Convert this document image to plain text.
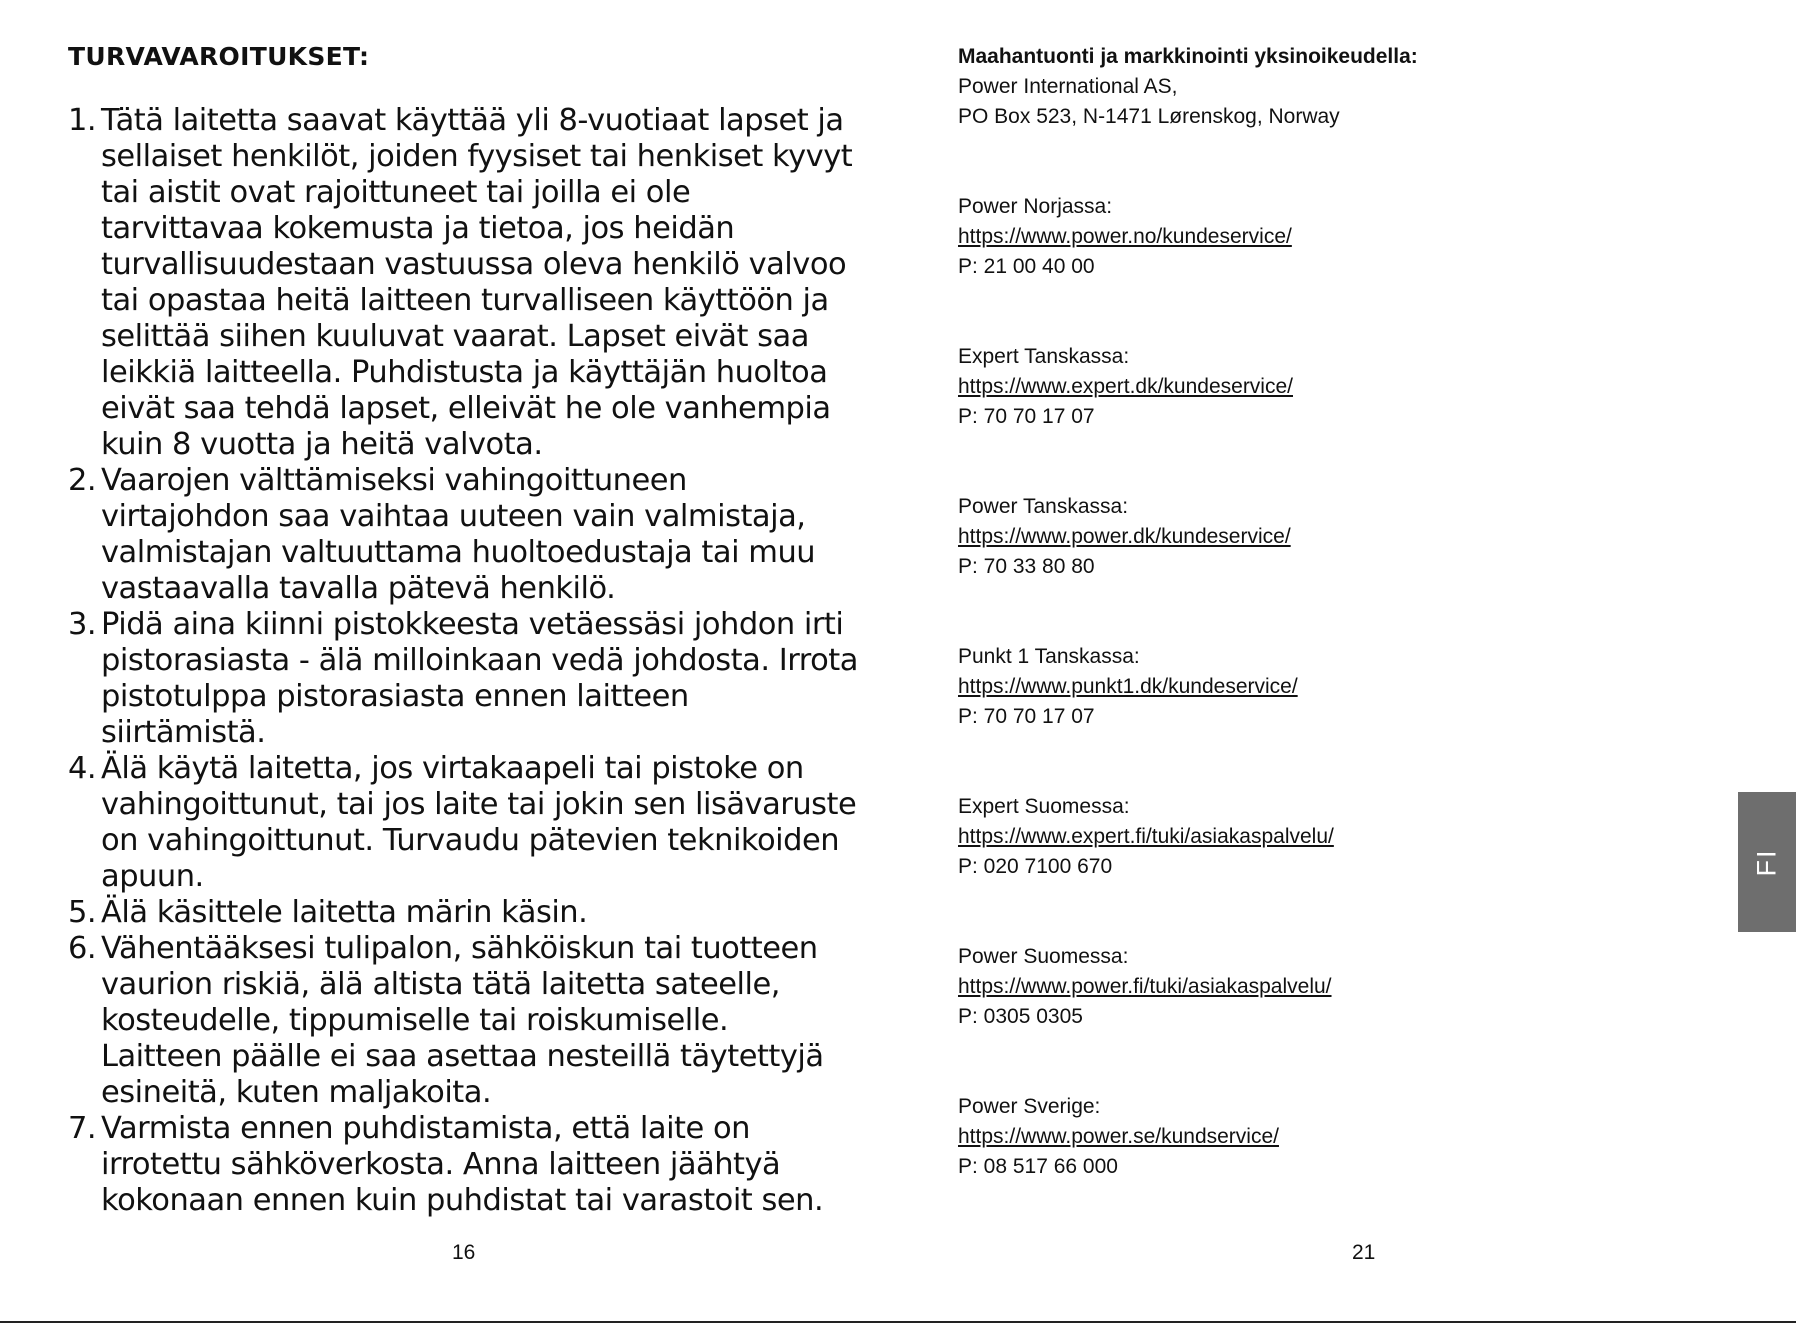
TURVAVAROITUKSET:
1. Tätä laitetta saavat käyttää yli 8-vuotiaat lapset ja sellaiset henkilöt, joiden fyysiset tai henkiset kyvyt tai aistit ovat rajoittuneet tai joilla ei ole tarvittavaa kokemusta ja tietoa, jos heidän turvallisuudestaan vastuussa oleva henkilö valvoo tai opastaa heitä laitteen turvalliseen käyttöön ja selittää siihen kuuluvat vaarat. Lapset eivät saa leikkiä laitteella. Puhdistusta ja käyttäjän huoltoa eivät saa tehdä lapset, elleivät he ole vanhempia kuin 8 vuotta ja heitä valvota.
2. Vaarojen välttämiseksi vahingoittuneen virtajohdon saa vaihtaa uuteen vain valmistaja, valmistajan valtuuttama huoltoedustaja tai muu vastaavalla tavalla pätevä henkilö.
3. Pidä aina kiinni pistokkeesta vetäessäsi johdon irti pistorasiasta - älä milloinkaan vedä johdosta. Irrota pistotulppa pistorasiasta ennen laitteen siirtämistä.
4. Älä käytä laitetta, jos virtakaapeli tai pistoke on vahingoittunut, tai jos laite tai jokin sen lisävaruste on vahingoittunut. Turvaudu pätevien teknikoiden apuun.
5. Älä käsittele laitetta märin käsin.
6. Vähentääksesi tulipalon, sähköiskun tai tuotteen vaurion riskiä, älä altista tätä laitetta sateelle, kosteudelle, tippumiselle tai roiskumiselle. Laitteen päälle ei saa asettaa nesteillä täytettyjä esineitä, kuten maljakoita.
7. Varmista ennen puhdistamista, että laite on irrotettu sähköverkosta. Anna laitteen jäähtyä kokonaan ennen kuin puhdistat tai varastoit sen.
16
Maahantuonti ja markkinointi yksinoikeudella:
Power International AS,
PO Box 523, N-1471 Lørenskog, Norway
Power Norjassa:
https://www.power.no/kundeservice/
P: 21 00 40 00
Expert Tanskassa:
https://www.expert.dk/kundeservice/
P: 70 70 17 07
Power Tanskassa:
https://www.power.dk/kundeservice/
P: 70 33 80 80
Punkt 1 Tanskassa:
https://www.punkt1.dk/kundeservice/
P: 70 70 17 07
Expert Suomessa:
https://www.expert.fi/tuki/asiakaspalvelu/
P: 020 7100 670
Power Suomessa:
https://www.power.fi/tuki/asiakaspalvelu/
P: 0305 0305
Power Sverige:
https://www.power.se/kundservice/
P: 08 517 66 000
21
FI
